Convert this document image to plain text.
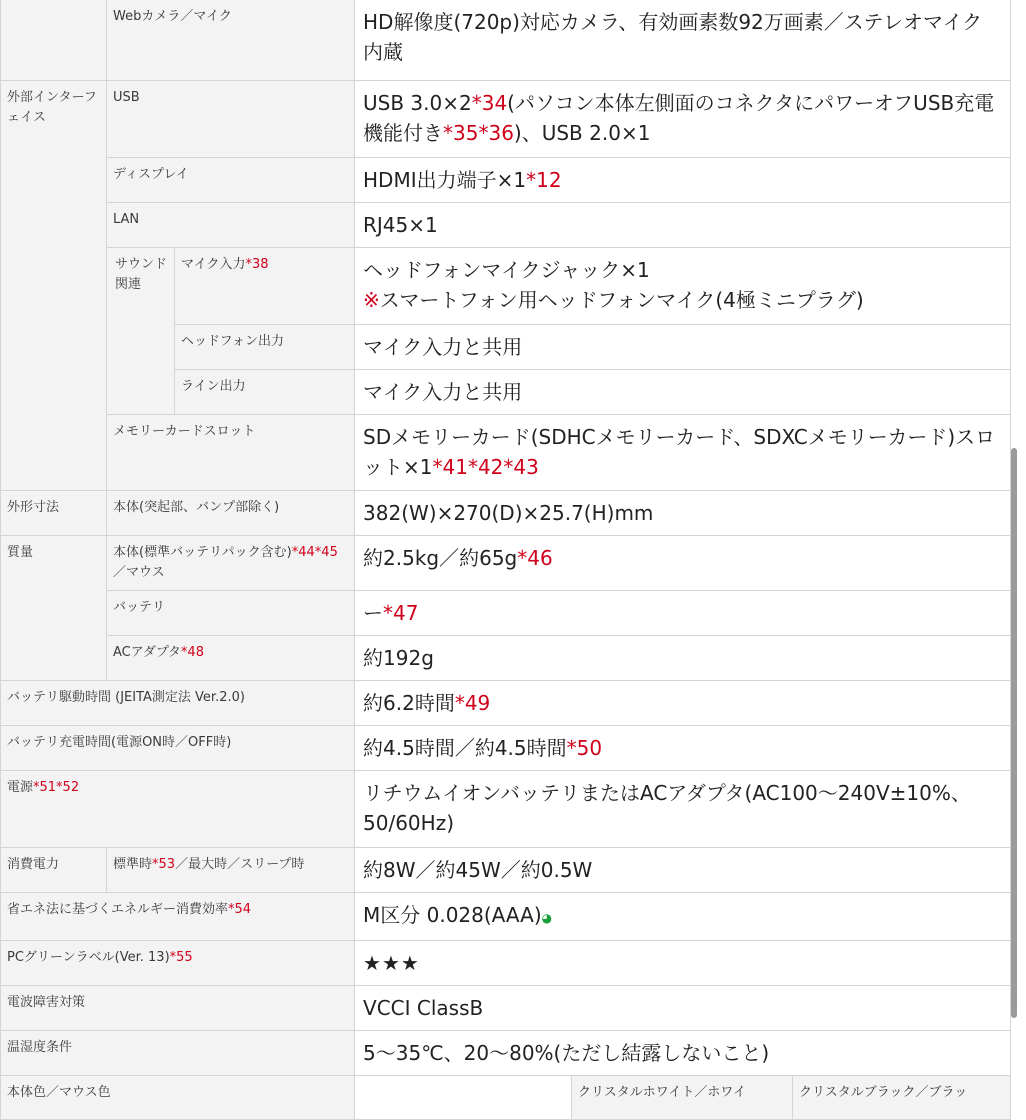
	Webカメラ／マイク		HD解像度(720p)対応カメラ、有効画素数92万画素／ステレオマイク内蔵		
外部インターフェイス	USB		USB 3.0×2*34(パソコン本体左側面のコネクタにパワーオフUSB充電機能付き*35*36)、USB 2.0×1		
	ディスプレイ		HDMI出力端子×1*12		
	LAN		RJ45×1		
	サウンド関連	マイク入力*38	ヘッドフォンマイクジャック×1
※スマートフォン用ヘッドフォンマイク(4極ミニプラグ)		

		ヘッドフォン出力	マイク入力と共用		
		ライン出力	マイク入力と共用		
	メモリーカードスロット		SDメモリーカード(SDHCメモリーカード、SDXCメモリーカード)スロット×1*41*42*43		
外形寸法	本体(突起部、バンプ部除く)		382(W)×270(D)×25.7(H)mm		
質量	本体(標準バッテリパック含む)*44*45／マウス		約2.5kg／約65g*46		
	バッテリ		ー*47		
	ACアダプタ*48		約192g		
バッテリ駆動時間 (JEITA測定法 Ver.2.0)			約6.2時間*49		
バッテリ充電時間(電源ON時／OFF時)			約4.5時間／約4.5時間*50		
電源*51*52			リチウムイオンバッテリまたはACアダプタ(AC100〜240V±10%、50/60Hz)		
消費電力	標準時*53／最大時／スリープ時		約8W／約45W／約0.5W		
省エネ法に基づくエネルギー消費効率*54			M区分 0.028(AAA)◕		
PCグリーンラベル(Ver. 13)*55			★★★		
電波障害対策			VCCI ClassB		
温湿度条件			5〜35℃、20〜80%(ただし結露しないこと)		
本体色／マウス色				クリスタルホワイト／ホワイ	クリスタルブラック／ブラッ
